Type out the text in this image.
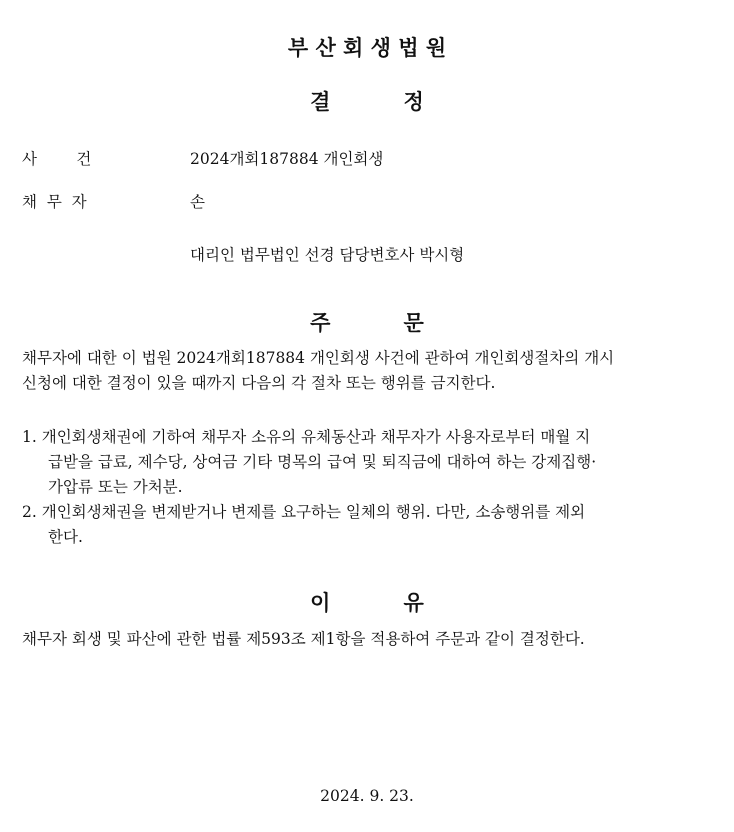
부 산 회 생 법 원
결          정
사        건	2024개회187884 개인회생
채  무  자	손
대리인 법무법인 선경 담당변호사 박시형
주          문
채무자에 대한 이 법원 2024개회187884 개인회생 사건에 관하여 개인회생절차의 개시
신청에 대한 결정이 있을 때까지 다음의 각 절차 또는 행위를 금지한다.
1. 개인회생채권에 기하여 채무자 소유의 유체동산과 채무자가 사용자로부터 매월 지
급받을 급료, 제수당, 상여금 기타 명목의 급여 및 퇴직금에 대하여 하는 강제집행·
가압류 또는 가처분.
2. 개인회생채권을 변제받거나 변제를 요구하는 일체의 행위. 다만, 소송행위를 제외
한다.
이          유
채무자 회생 및 파산에 관한 법률 제593조 제1항을 적용하여 주문과 같이 결정한다.
2024. 9. 23.
